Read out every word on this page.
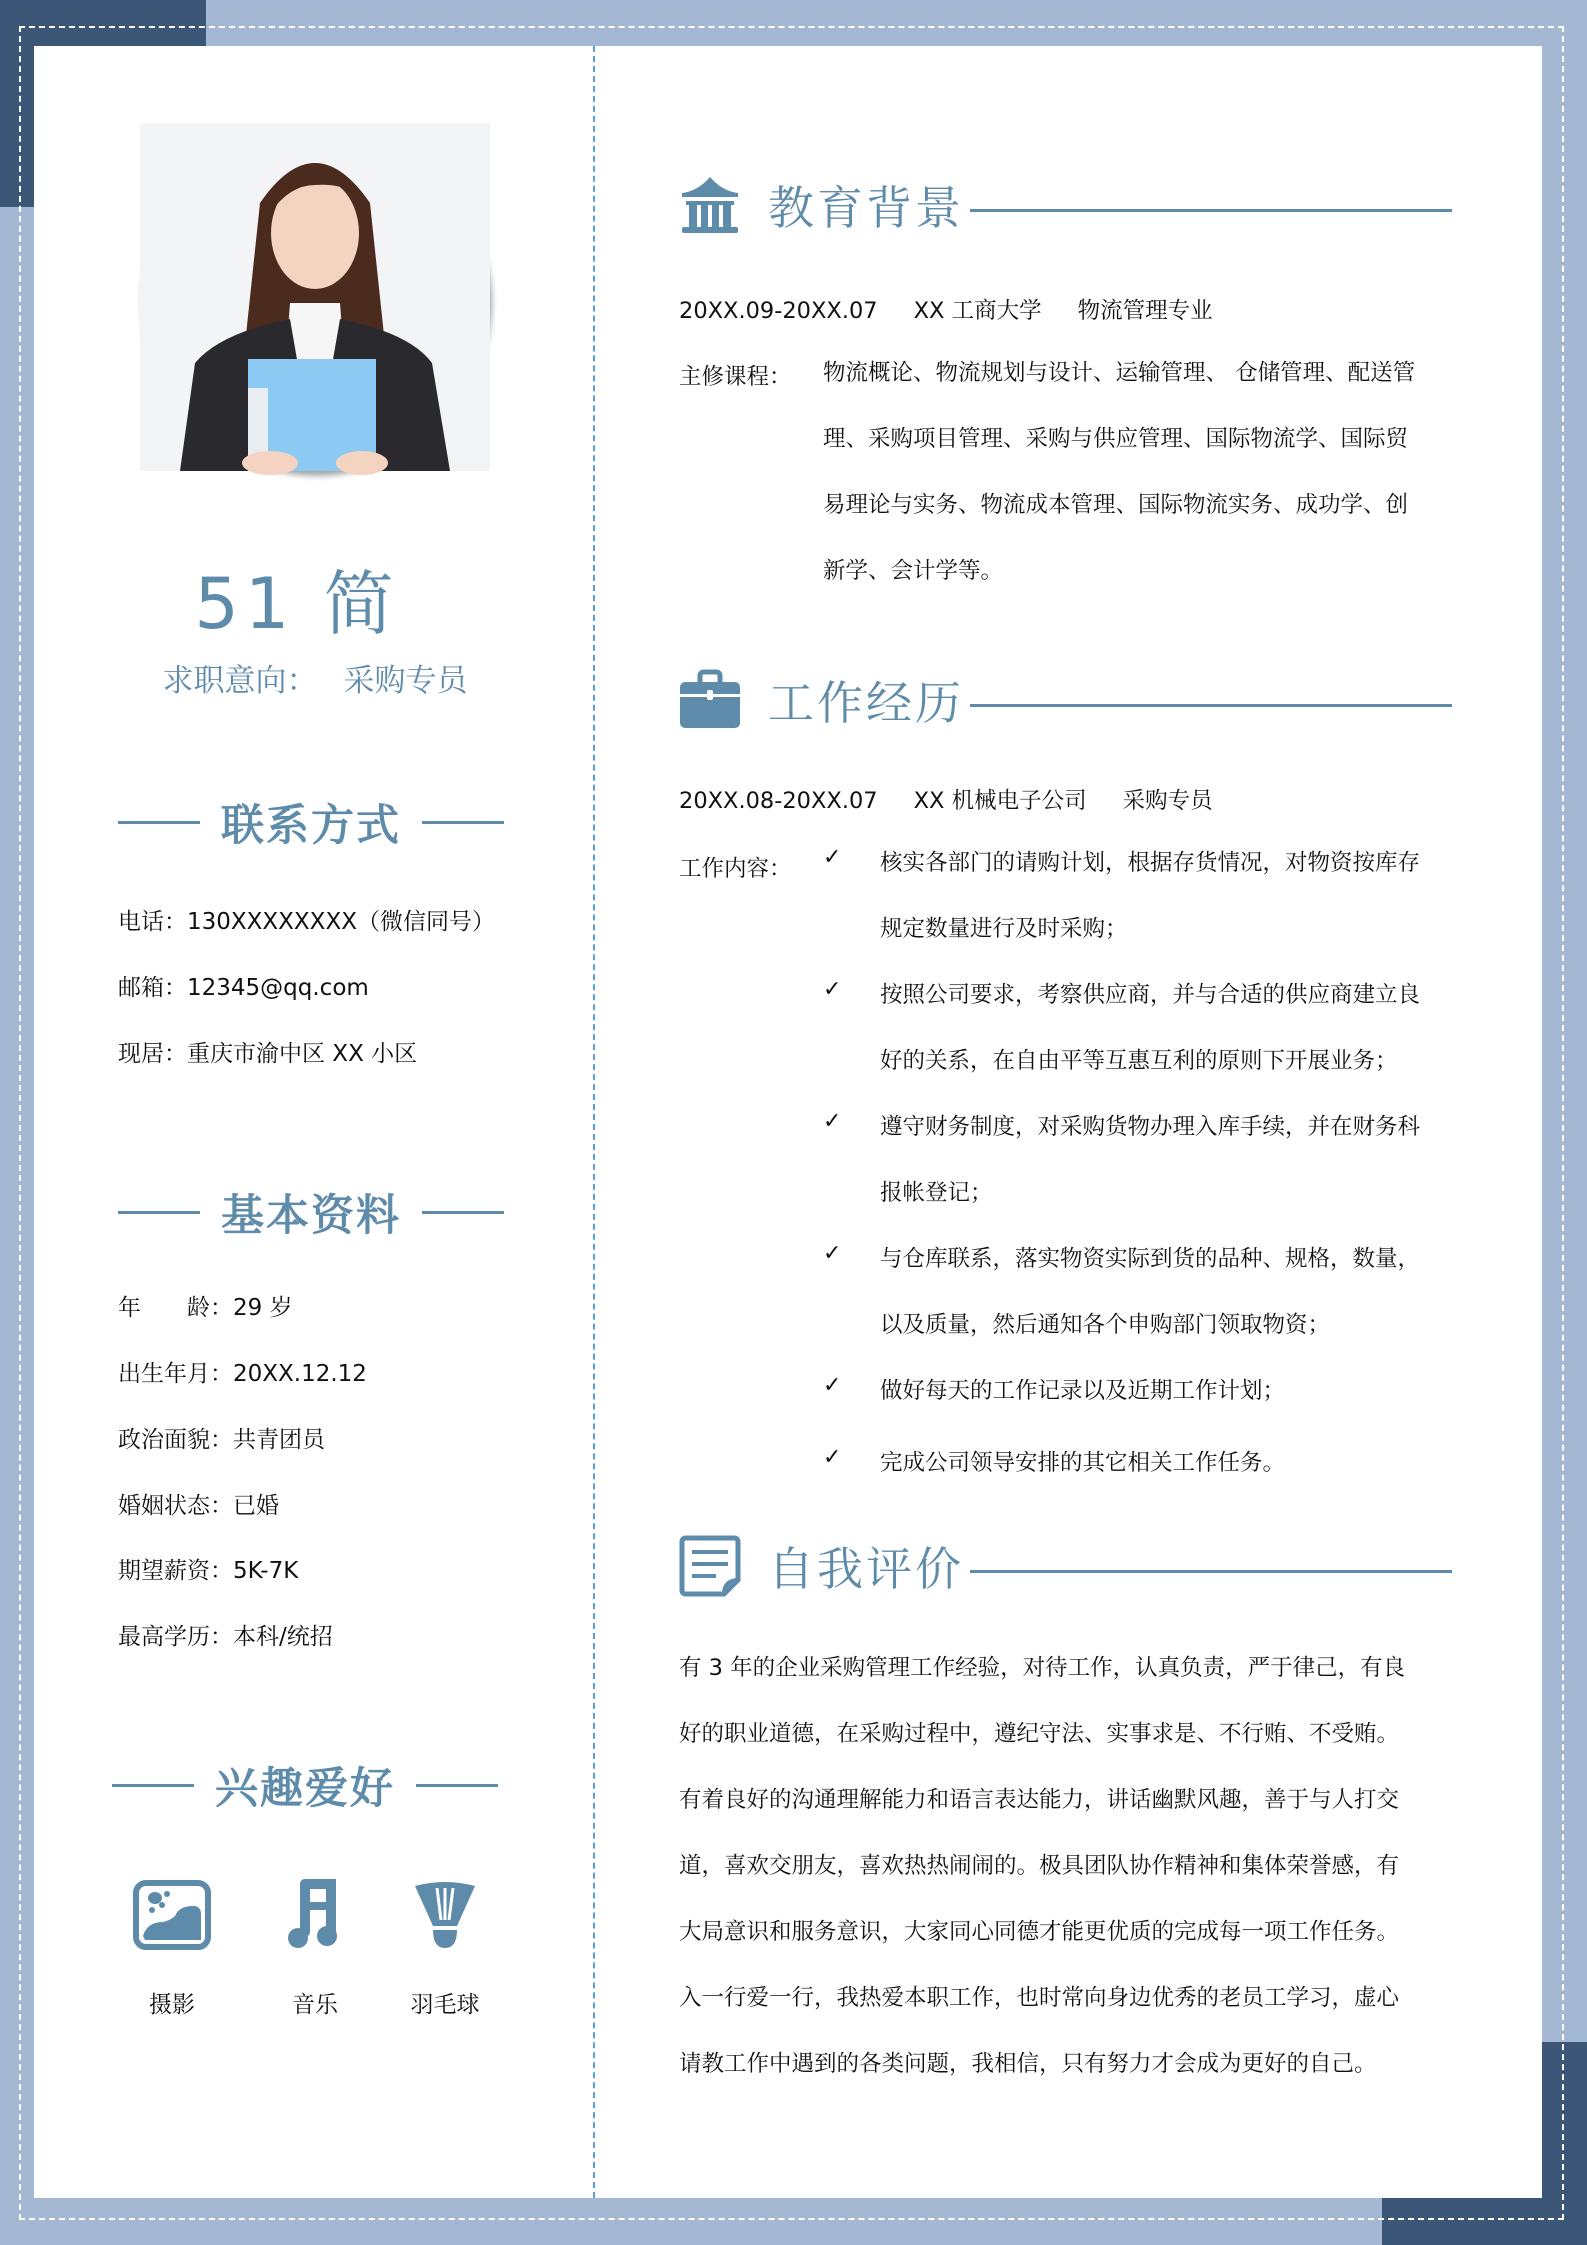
51 简
求职意向： 采购专员
联系方式
电话：130XXXXXXXX（微信同号）
邮箱：12345@qq.com
现居：重庆市渝中区 XX 小区
基本资料
年　　龄：29 岁
出生年月：20XX.12.12
政治面貌：共青团员
婚姻状态：已婚
期望薪资：5K-7K
最高学历：本科/统招
兴趣爱好
摄影	音乐	羽毛球
教育背景
20XX.09-20XX.07 XX 工商大学 物流管理专业
主修课程： 物流概论、物流规划与设计、运输管理、 仓储管理、配送管
理、采购项目管理、采购与供应管理、国际物流学、国际贸
易理论与实务、物流成本管理、国际物流实务、成功学、创
新学、会计学等。
工作经历
20XX.08-20XX.07 XX 机械电子公司 采购专员
工作内容： ✓ 核实各部门的请购计划，根据存货情况，对物资按库存
规定数量进行及时采购；
✓ 按照公司要求，考察供应商，并与合适的供应商建立良
好的关系，在自由平等互惠互利的原则下开展业务；
✓ 遵守财务制度，对采购货物办理入库手续，并在财务科
报帐登记；
✓ 与仓库联系，落实物资实际到货的品种、规格，数量，
以及质量，然后通知各个申购部门领取物资；
✓ 做好每天的工作记录以及近期工作计划；
✓ 完成公司领导安排的其它相关工作任务。
自我评价
有 3 年的企业采购管理工作经验，对待工作，认真负责，严于律己，有良
好的职业道德，在采购过程中，遵纪守法、实事求是、不行贿、不受贿。
有着良好的沟通理解能力和语言表达能力，讲话幽默风趣，善于与人打交
道，喜欢交朋友，喜欢热热闹闹的。极具团队协作精神和集体荣誉感，有
大局意识和服务意识，大家同心同德才能更优质的完成每一项工作任务。
入一行爱一行，我热爱本职工作，也时常向身边优秀的老员工学习，虚心
请教工作中遇到的各类问题，我相信，只有努力才会成为更好的自己。
